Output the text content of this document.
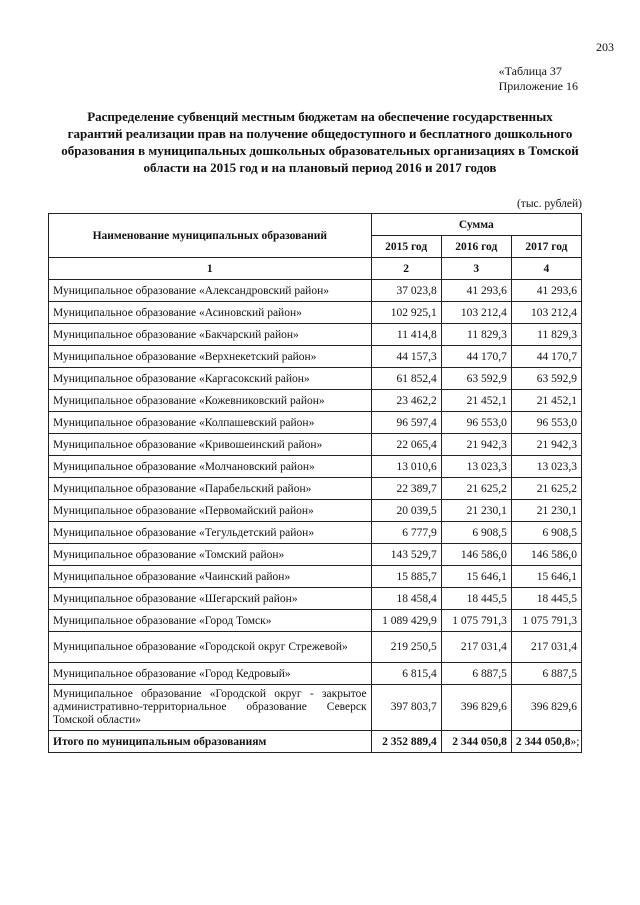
203
«Таблица 37
Приложение 16
Распределение субвенций местным бюджетам на обеспечение государственных гарантий реализации прав на получение общедоступного и бесплатного дошкольного образования в муниципальных дошкольных образовательных организациях в Томской области на 2015 год и на плановый период 2016 и 2017 годов
(тыс. рублей)
Наименование муниципальных образований	Сумма		
	2015 год	2016 год	2017 год
1	2	3	4
Муниципальное образование «Александровский район»	37 023,8	41 293,6	41 293,6
Муниципальное образование «Асиновский район»	102 925,1	103 212,4	103 212,4
Муниципальное образование «Бакчарский район»	11 414,8	11 829,3	11 829,3
Муниципальное образование «Верхнекетский район»	44 157,3	44 170,7	44 170,7
Муниципальное образование «Каргасокский район»	61 852,4	63 592,9	63 592,9
Муниципальное образование «Кожевниковский район»	23 462,2	21 452,1	21 452,1
Муниципальное образование «Колпашевский район»	96 597,4	96 553,0	96 553,0
Муниципальное образование «Кривошеинский район»	22 065,4	21 942,3	21 942,3
Муниципальное образование «Молчановский район»	13 010,6	13 023,3	13 023,3
Муниципальное образование «Парабельский район»	22 389,7	21 625,2	21 625,2
Муниципальное образование «Первомайский район»	20 039,5	21 230,1	21 230,1
Муниципальное образование «Тегульдетский район»	6 777,9	6 908,5	6 908,5
Муниципальное образование «Томский район»	143 529,7	146 586,0	146 586,0
Муниципальное образование «Чаинский район»	15 885,7	15 646,1	15 646,1
Муниципальное образование «Шегарский район»	18 458,4	18 445,5	18 445,5
Муниципальное образование «Город Томск»	1 089 429,9	1 075 791,3	1 075 791,3
Муниципальное образование «Городской округ Стрежевой»	219 250,5	217 031,4	217 031,4
Муниципальное образование «Город Кедровый»	6 815,4	6 887,5	6 887,5
Муниципальное образование «Городской округ - закрытое административно-территориальное образование Северск Томской области»	397 803,7	396 829,6	396 829,6
Итого по муниципальным образованиям	2 352 889,4	2 344 050,8	2 344 050,8»;
